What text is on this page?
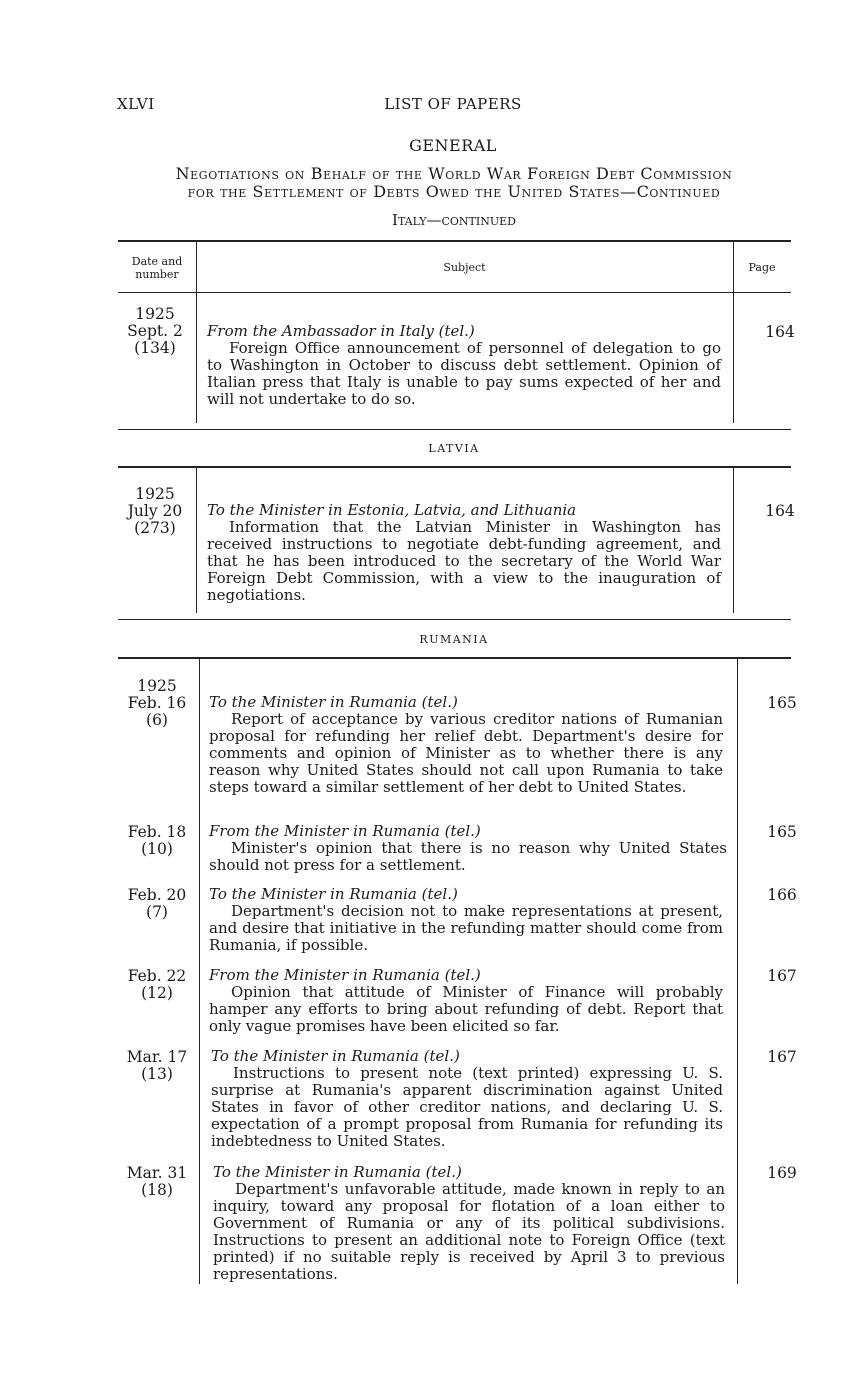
XLVI	LIST OF PAPERS
GENERAL
Negotiations on Behalf of the World War Foreign Debt Commission
for the Settlement of Debts Owed the United States—Continued
Italy—continued
Date and number
Subject	Page
1925
Sept. 2
(134)
From the Ambassador in Italy (tel.)
Foreign Office announcement of personnel of delegation to go to Washington in October to discuss debt settlement. Opinion of Italian press that Italy is unable to pay sums expected of her and will not undertake to do so.
164
LATVIA
1925
July 20
(273)
To the Minister in Estonia, Latvia, and Lithuania
Information that the Latvian Minister in Washington has received instructions to negotiate debt-funding agreement, and that he has been introduced to the secretary of the World War Foreign Debt Commission, with a view to the inauguration of negotiations.
164
RUMANIA
1925
Feb. 16
(6)
To the Minister in Rumania (tel.)
Report of acceptance by various creditor nations of Rumanian proposal for refunding her relief debt. Department's desire for comments and opinion of Minister as to whether there is any reason why United States should not call upon Rumania to take steps toward a similar settlement of her debt to United States.
165
Feb. 18
(10)
From the Minister in Rumania (tel.)
Minister's opinion that there is no reason why United States should not press for a settlement.
165
Feb. 20
(7)
To the Minister in Rumania (tel.)
Department's decision not to make representations at present, and desire that initiative in the refunding matter should come from Rumania, if possible.
166
Feb. 22
(12)
From the Minister in Rumania (tel.)
Opinion that attitude of Minister of Finance will probably hamper any efforts to bring about refunding of debt. Report that only vague promises have been elicited so far.
167
Mar. 17
(13)
To the Minister in Rumania (tel.)
Instructions to present note (text printed) expressing U. S. surprise at Rumania's apparent discrimination against United States in favor of other creditor nations, and declaring U. S. expectation of a prompt proposal from Rumania for refunding its indebtedness to United States.
167
Mar. 31
(18)
To the Minister in Rumania (tel.)
Department's unfavorable attitude, made known in reply to an inquiry, toward any proposal for flotation of a loan either to Government of Rumania or any of its political subdivisions. Instructions to present an additional note to Foreign Office (text printed) if no suitable reply is received by April 3 to previous representations.
169
